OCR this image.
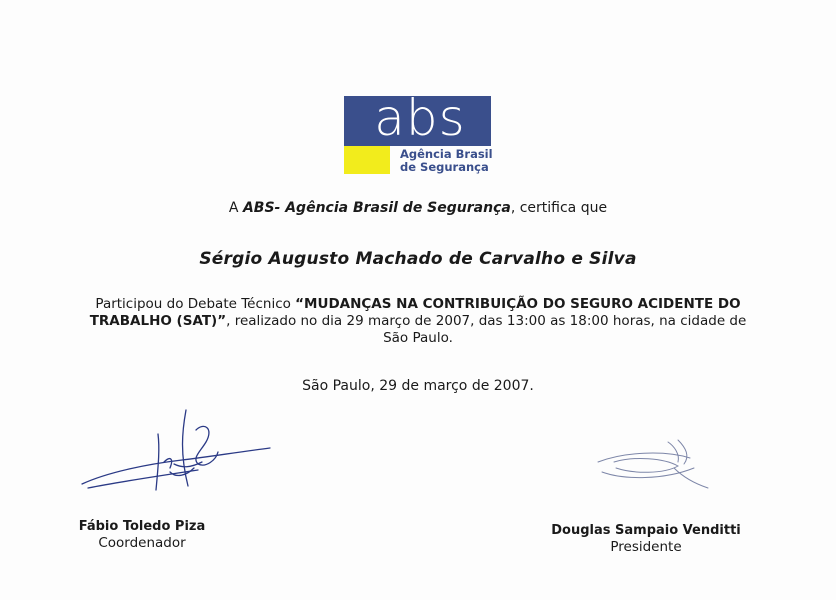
abs
Agência Brasil
de Segurança
A ABS- Agência Brasil de Segurança, certifica que
Sérgio Augusto Machado de Carvalho e Silva
Participou do Debate Técnico “MUDANÇAS NA CONTRIBUIÇÃO DO SEGURO ACIDENTE DO TRABALHO (SAT)”, realizado no dia 29 março de 2007, das 13:00 as 18:00 horas, na cidade de São Paulo.
São Paulo, 29 de março de 2007.
Fábio Toledo Piza
Coordenador
Douglas Sampaio Venditti
Presidente
